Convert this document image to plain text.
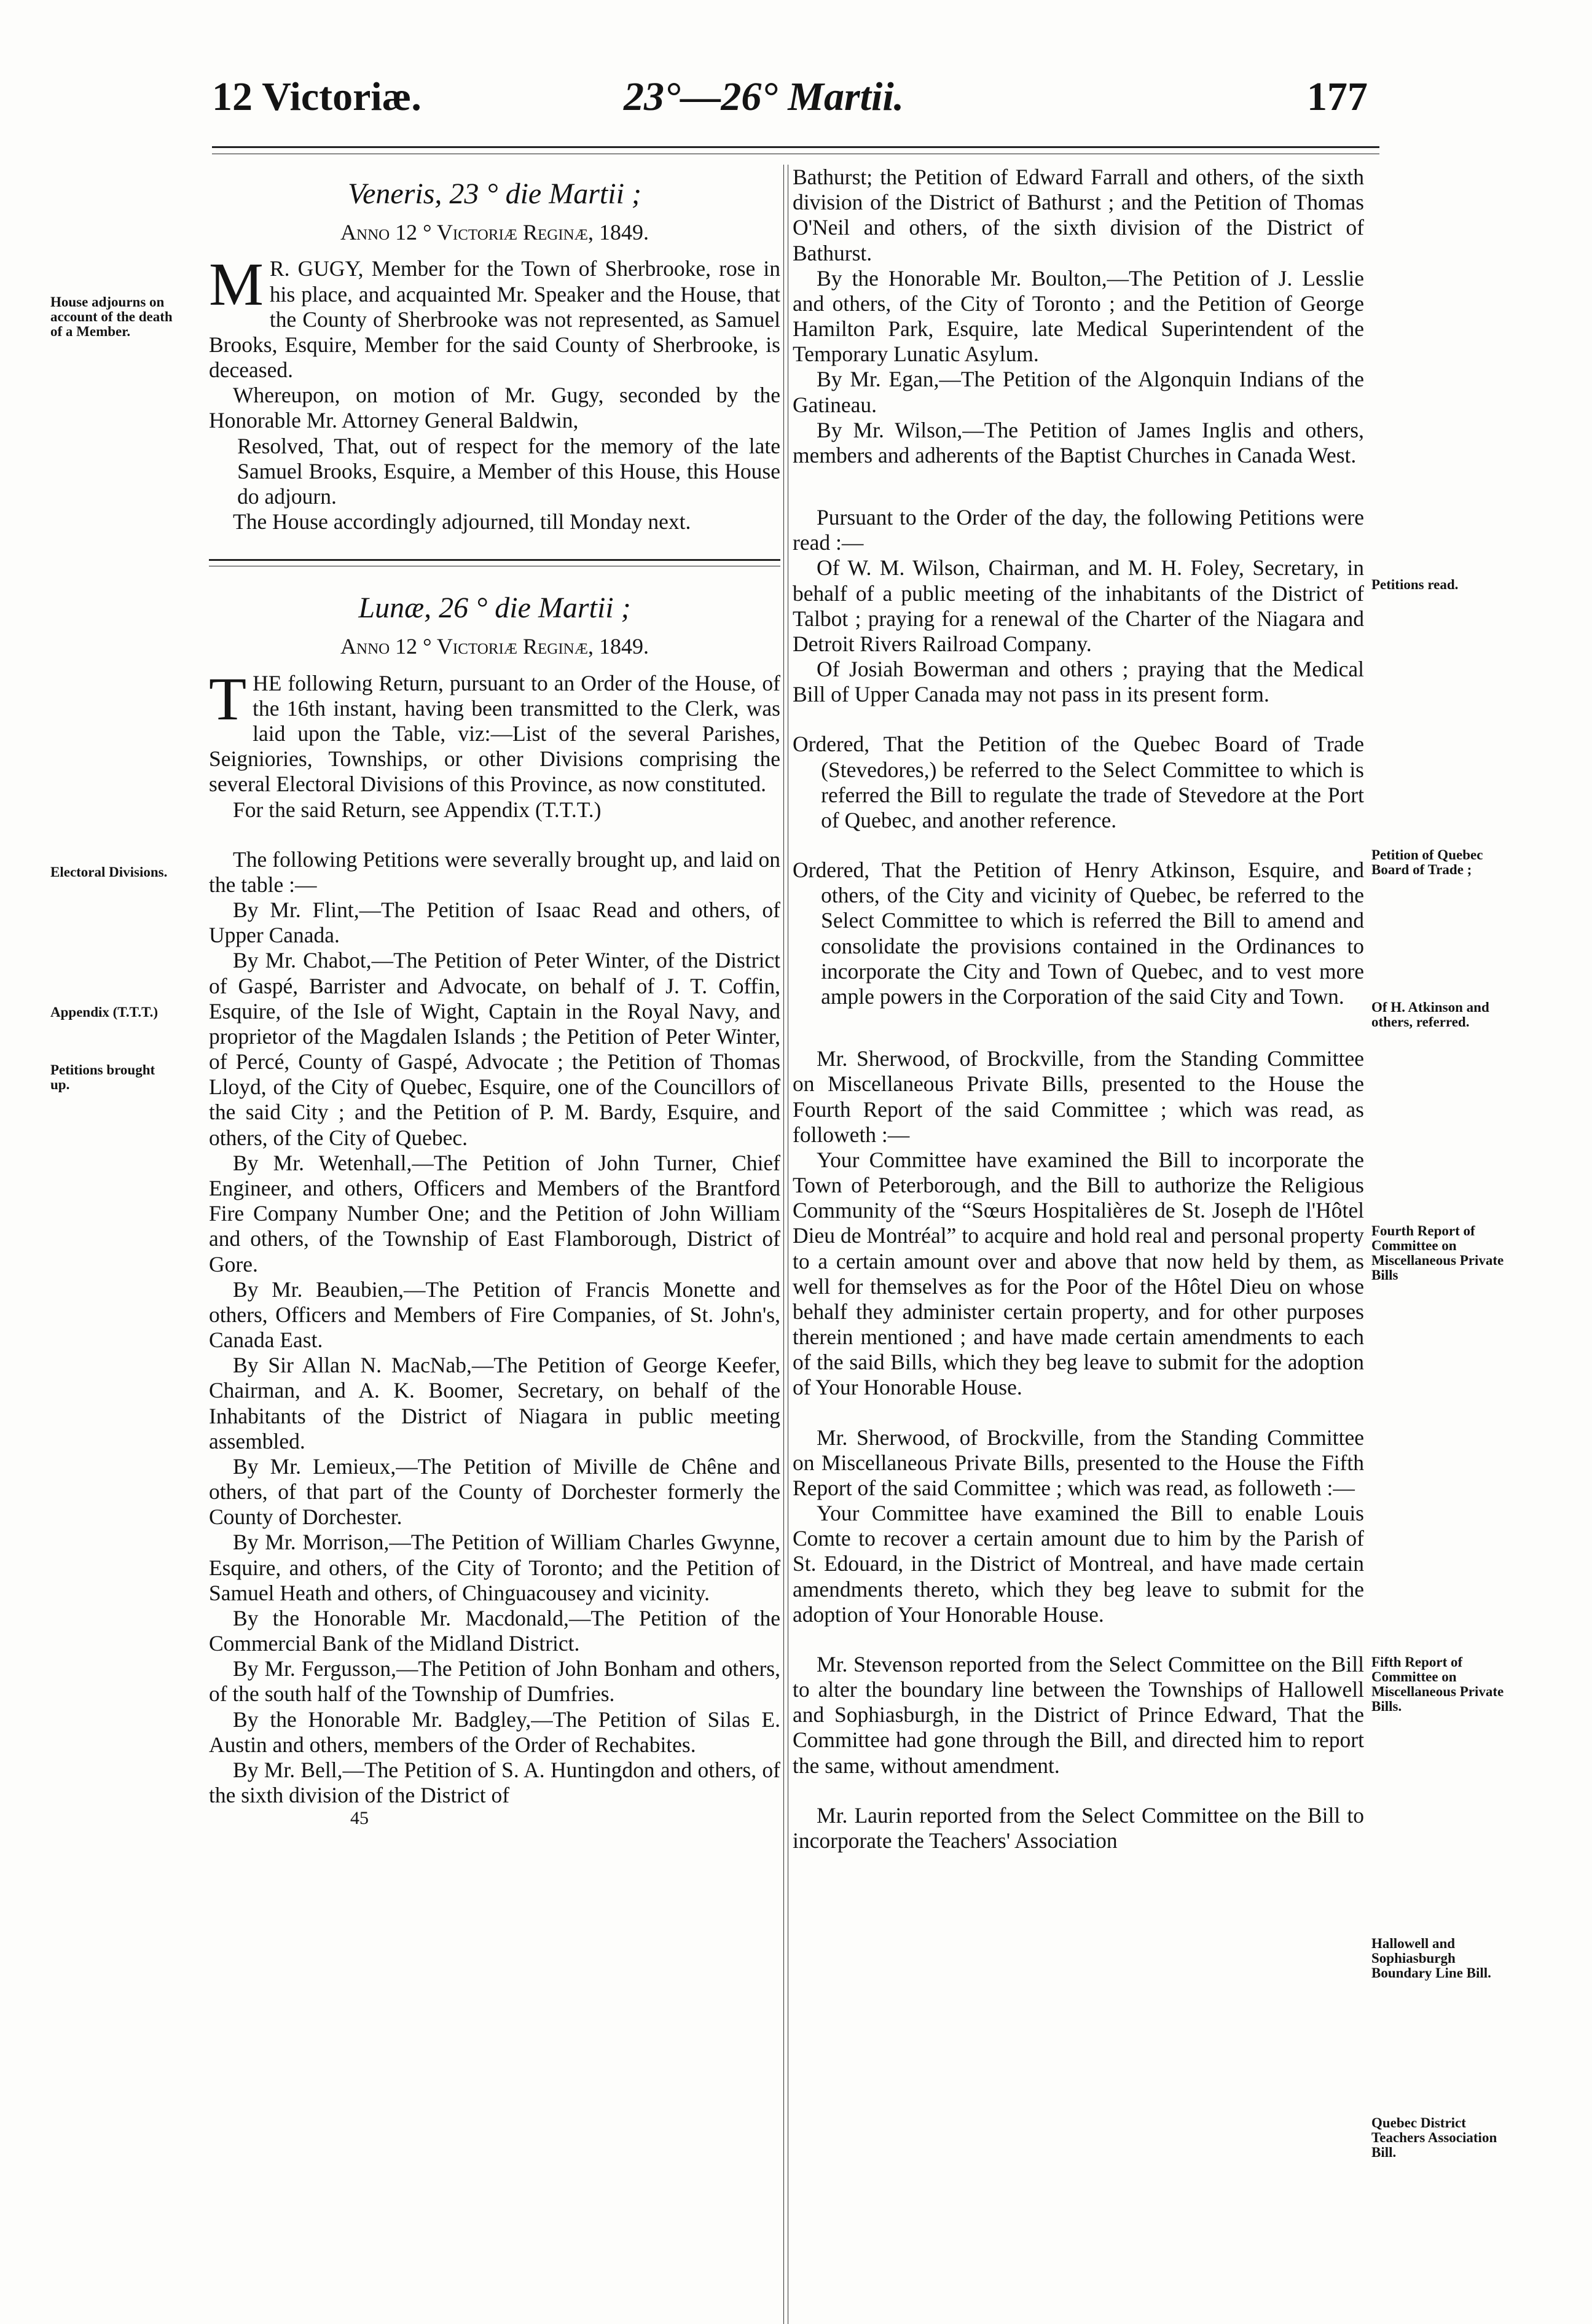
12 Victoriæ.	23°—26° Martii.	177
House adjourns on account of the death of a Member.
Electoral Divisions.
Appendix (T.T.T.)
Petitions brought up.
Petitions read.
Petition of Quebec Board of Trade ;
Of H. Atkinson and others, referred.
Fourth Report of Committee on Miscellaneous Private Bills
Fifth Report of Committee on Miscellaneous Private Bills.
Hallowell and Sophiasburgh Boundary Line Bill.
Quebec District Teachers Association Bill.
Veneris, 23 ° die Martii ;
Anno 12 ° Victoriæ Reginæ, 1849.

M R. GUGY, Member for the Town of Sherbrooke, rose in his place, and acquainted Mr. Speaker and the House, that the County of Sherbrooke was not represented, as Samuel Brooks, Esquire, Member for the said County of Sherbrooke, is deceased.

Whereupon, on motion of Mr. Gugy, seconded by the Honorable Mr. Attorney General Baldwin,

Resolved, That, out of respect for the memory of the late Samuel Brooks, Esquire, a Member of this House, this House do adjourn.

The House accordingly adjourned, till Monday next.

Lunæ, 26 ° die Martii ;
Anno 12 ° Victoriæ Reginæ, 1849.

THE following Return, pursuant to an Order of the House, of the 16th instant, having been transmitted to the Clerk, was laid upon the Table, viz:—List of the several Parishes, Seigniories, Townships, or other Divisions comprising the several Electoral Divisions of this Province, as now constituted.

For the said Return, see Appendix (T.T.T.)

The following Petitions were severally brought up, and laid on the table :—

By Mr. Flint,—The Petition of Isaac Read and others, of Upper Canada.

By Mr. Chabot,—The Petition of Peter Winter, of the District of Gaspé, Barrister and Advocate, on behalf of J. T. Coffin, Esquire, of the Isle of Wight, Captain in the Royal Navy, and proprietor of the Magdalen Islands ; the Petition of Peter Winter, of Percé, County of Gaspé, Advocate ; the Petition of Thomas Lloyd, of the City of Quebec, Esquire, one of the Councillors of the said City ; and the Petition of P. M. Bardy, Esquire, and others, of the City of Quebec.

By Mr. Wetenhall,—The Petition of John Turner, Chief Engineer, and others, Officers and Members of the Brantford Fire Company Number One; and the Petition of John William and others, of the Township of East Flamborough, District of Gore.

By Mr. Beaubien,—The Petition of Francis Monette and others, Officers and Members of Fire Companies, of St. John's, Canada East.

By Sir Allan N. MacNab,—The Petition of George Keefer, Chairman, and A. K. Boomer, Secretary, on behalf of the Inhabitants of the District of Niagara in public meeting assembled.

By Mr. Lemieux,—The Petition of Miville de Chêne and others, of that part of the County of Dorchester formerly the County of Dorchester.

By Mr. Morrison,—The Petition of William Charles Gwynne, Esquire, and others, of the City of Toronto; and the Petition of Samuel Heath and others, of Chinguacousey and vicinity.

By the Honorable Mr. Macdonald,—The Petition of the Commercial Bank of the Midland District.

By Mr. Fergusson,—The Petition of John Bonham and others, of the south half of the Township of Dumfries.

By the Honorable Mr. Badgley,—The Petition of Silas E. Austin and others, members of the Order of Rechabites.

By Mr. Bell,—The Petition of S. A. Huntingdon and others, of the sixth division of the District of

45

Bathurst; the Petition of Edward Farrall and others, of the sixth division of the District of Bathurst ; and the Petition of Thomas O'Neil and others, of the sixth division of the District of Bathurst.

By the Honorable Mr. Boulton,—The Petition of J. Lesslie and others, of the City of Toronto ; and the Petition of George Hamilton Park, Esquire, late Medical Superintendent of the Temporary Lunatic Asylum.

By Mr. Egan,—The Petition of the Algonquin Indians of the Gatineau.

By Mr. Wilson,—The Petition of James Inglis and others, members and adherents of the Baptist Churches in Canada West.

Pursuant to the Order of the day, the following Petitions were read :—

Of W. M. Wilson, Chairman, and M. H. Foley, Secretary, in behalf of a public meeting of the inhabitants of the District of Talbot ; praying for a renewal of the Charter of the Niagara and Detroit Rivers Railroad Company.

Of Josiah Bowerman and others ; praying that the Medical Bill of Upper Canada may not pass in its present form.

Ordered, That the Petition of the Quebec Board of Trade (Stevedores,) be referred to the Select Committee to which is referred the Bill to regulate the trade of Stevedore at the Port of Quebec, and another reference.

Ordered, That the Petition of Henry Atkinson, Esquire, and others, of the City and vicinity of Quebec, be referred to the Select Committee to which is referred the Bill to amend and consolidate the provisions contained in the Ordinances to incorporate the City and Town of Quebec, and to vest more ample powers in the Corporation of the said City and Town.

Mr. Sherwood, of Brockville, from the Standing Committee on Miscellaneous Private Bills, presented to the House the Fourth Report of the said Committee ; which was read, as followeth :—

Your Committee have examined the Bill to incorporate the Town of Peterborough, and the Bill to authorize the Religious Community of the “Sœurs Hospitalières de St. Joseph de l'Hôtel Dieu de Montréal” to acquire and hold real and personal property to a certain amount over and above that now held by them, as well for themselves as for the Poor of the Hôtel Dieu on whose behalf they administer certain property, and for other purposes therein mentioned ; and have made certain amendments to each of the said Bills, which they beg leave to submit for the adoption of Your Honorable House.

Mr. Sherwood, of Brockville, from the Standing Committee on Miscellaneous Private Bills, presented to the House the Fifth Report of the said Committee ; which was read, as followeth :—

Your Committee have examined the Bill to enable Louis Comte to recover a certain amount due to him by the Parish of St. Edouard, in the District of Montreal, and have made certain amendments thereto, which they beg leave to submit for the adoption of Your Honorable House.

Mr. Stevenson reported from the Select Committee on the Bill to alter the boundary line between the Townships of Hallowell and Sophiasburgh, in the District of Prince Edward, That the Committee had gone through the Bill, and directed him to report the same, without amendment.

Mr. Laurin reported from the Select Committee on the Bill to incorporate the Teachers' Association
